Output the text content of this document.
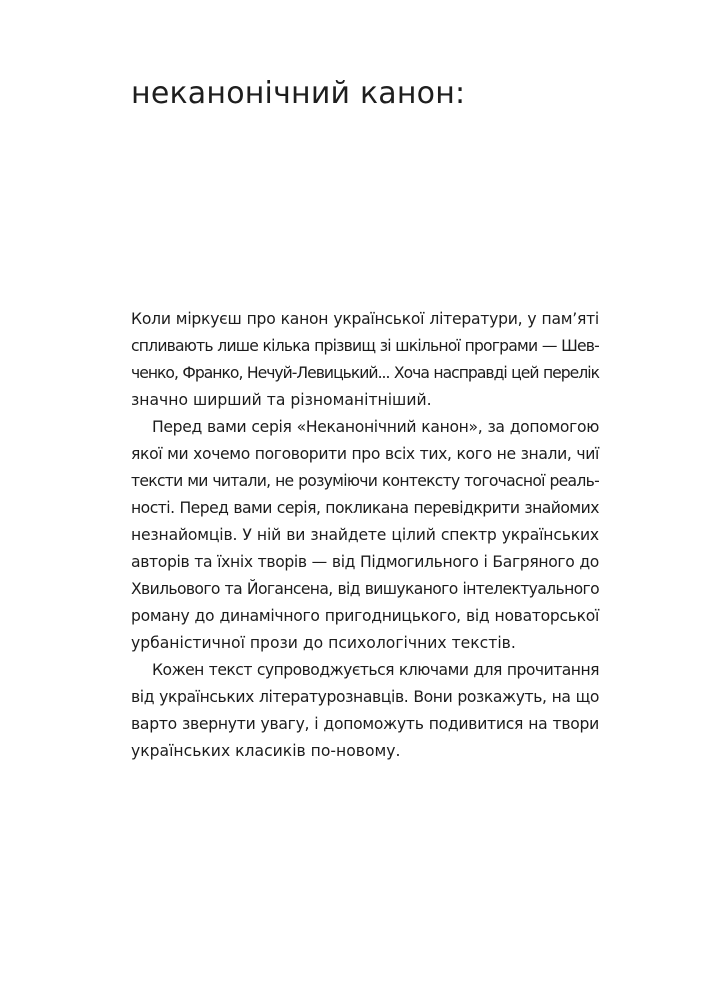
неканонічний канон:
Коли міркуєш про канон української літератури, у пам’яті
спливають лише кілька прізвищ зі шкільної програми — Шев-
ченко, Франко, Нечуй-Левицький... Хоча насправді цей перелік
значно ширший та різноманітніший.
Перед вами серія «Неканонічний канон», за допомогою
якої ми хочемо поговорити про всіх тих, кого не знали, чиї
тексти ми читали, не розуміючи контексту тогочасної реаль-
ності. Перед вами серія, покликана перевідкрити знайомих
незнайомців. У ній ви знайдете цілий спектр українських
авторів та їхніх творів — від Підмогильного і Багряного до
Хвильового та Йогансена, від вишуканого інтелектуального
роману до динамічного пригодницького, від новаторської
урбаністичної прози до психологічних текстів.
Кожен текст супроводжується ключами для прочитання
від українських літературознавців. Вони розкажуть, на що
варто звернути увагу, і допоможуть подивитися на твори
українських класиків по-новому.
